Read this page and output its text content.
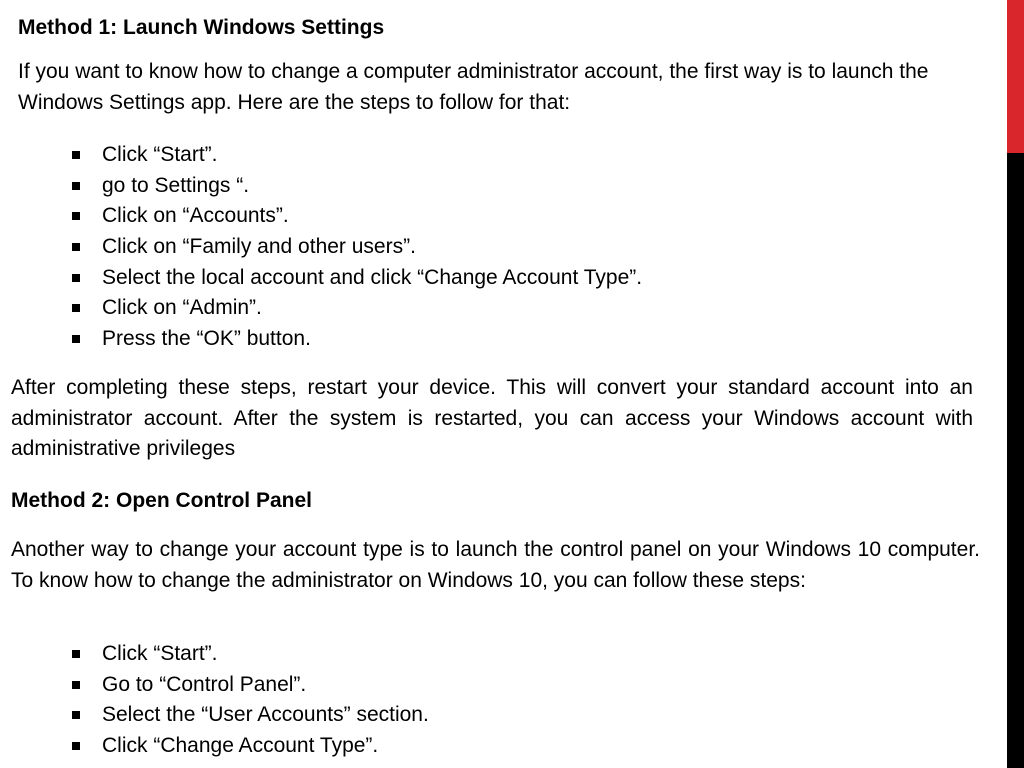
Method 1: Launch Windows Settings

If you want to know how to change a computer administrator account, the first way is to launch the Windows Settings app. Here are the steps to follow for that:

Click “Start”.
go to Settings “.
Click on “Accounts”.
Click on “Family and other users”.
Select the local account and click “Change Account Type”.
Click on “Admin”.
Press the “OK” button.

After completing these steps, restart your device. This will convert your standard account into an administrator account. After the system is restarted, you can access your Windows account with administrative privileges

Method 2: Open Control Panel

Another way to change your account type is to launch the control panel on your Windows 10 computer. To know how to change the administrator on Windows 10, you can follow these steps:

Click “Start”.
Go to “Control Panel”.
Select the “User Accounts” section.
Click “Change Account Type”.
